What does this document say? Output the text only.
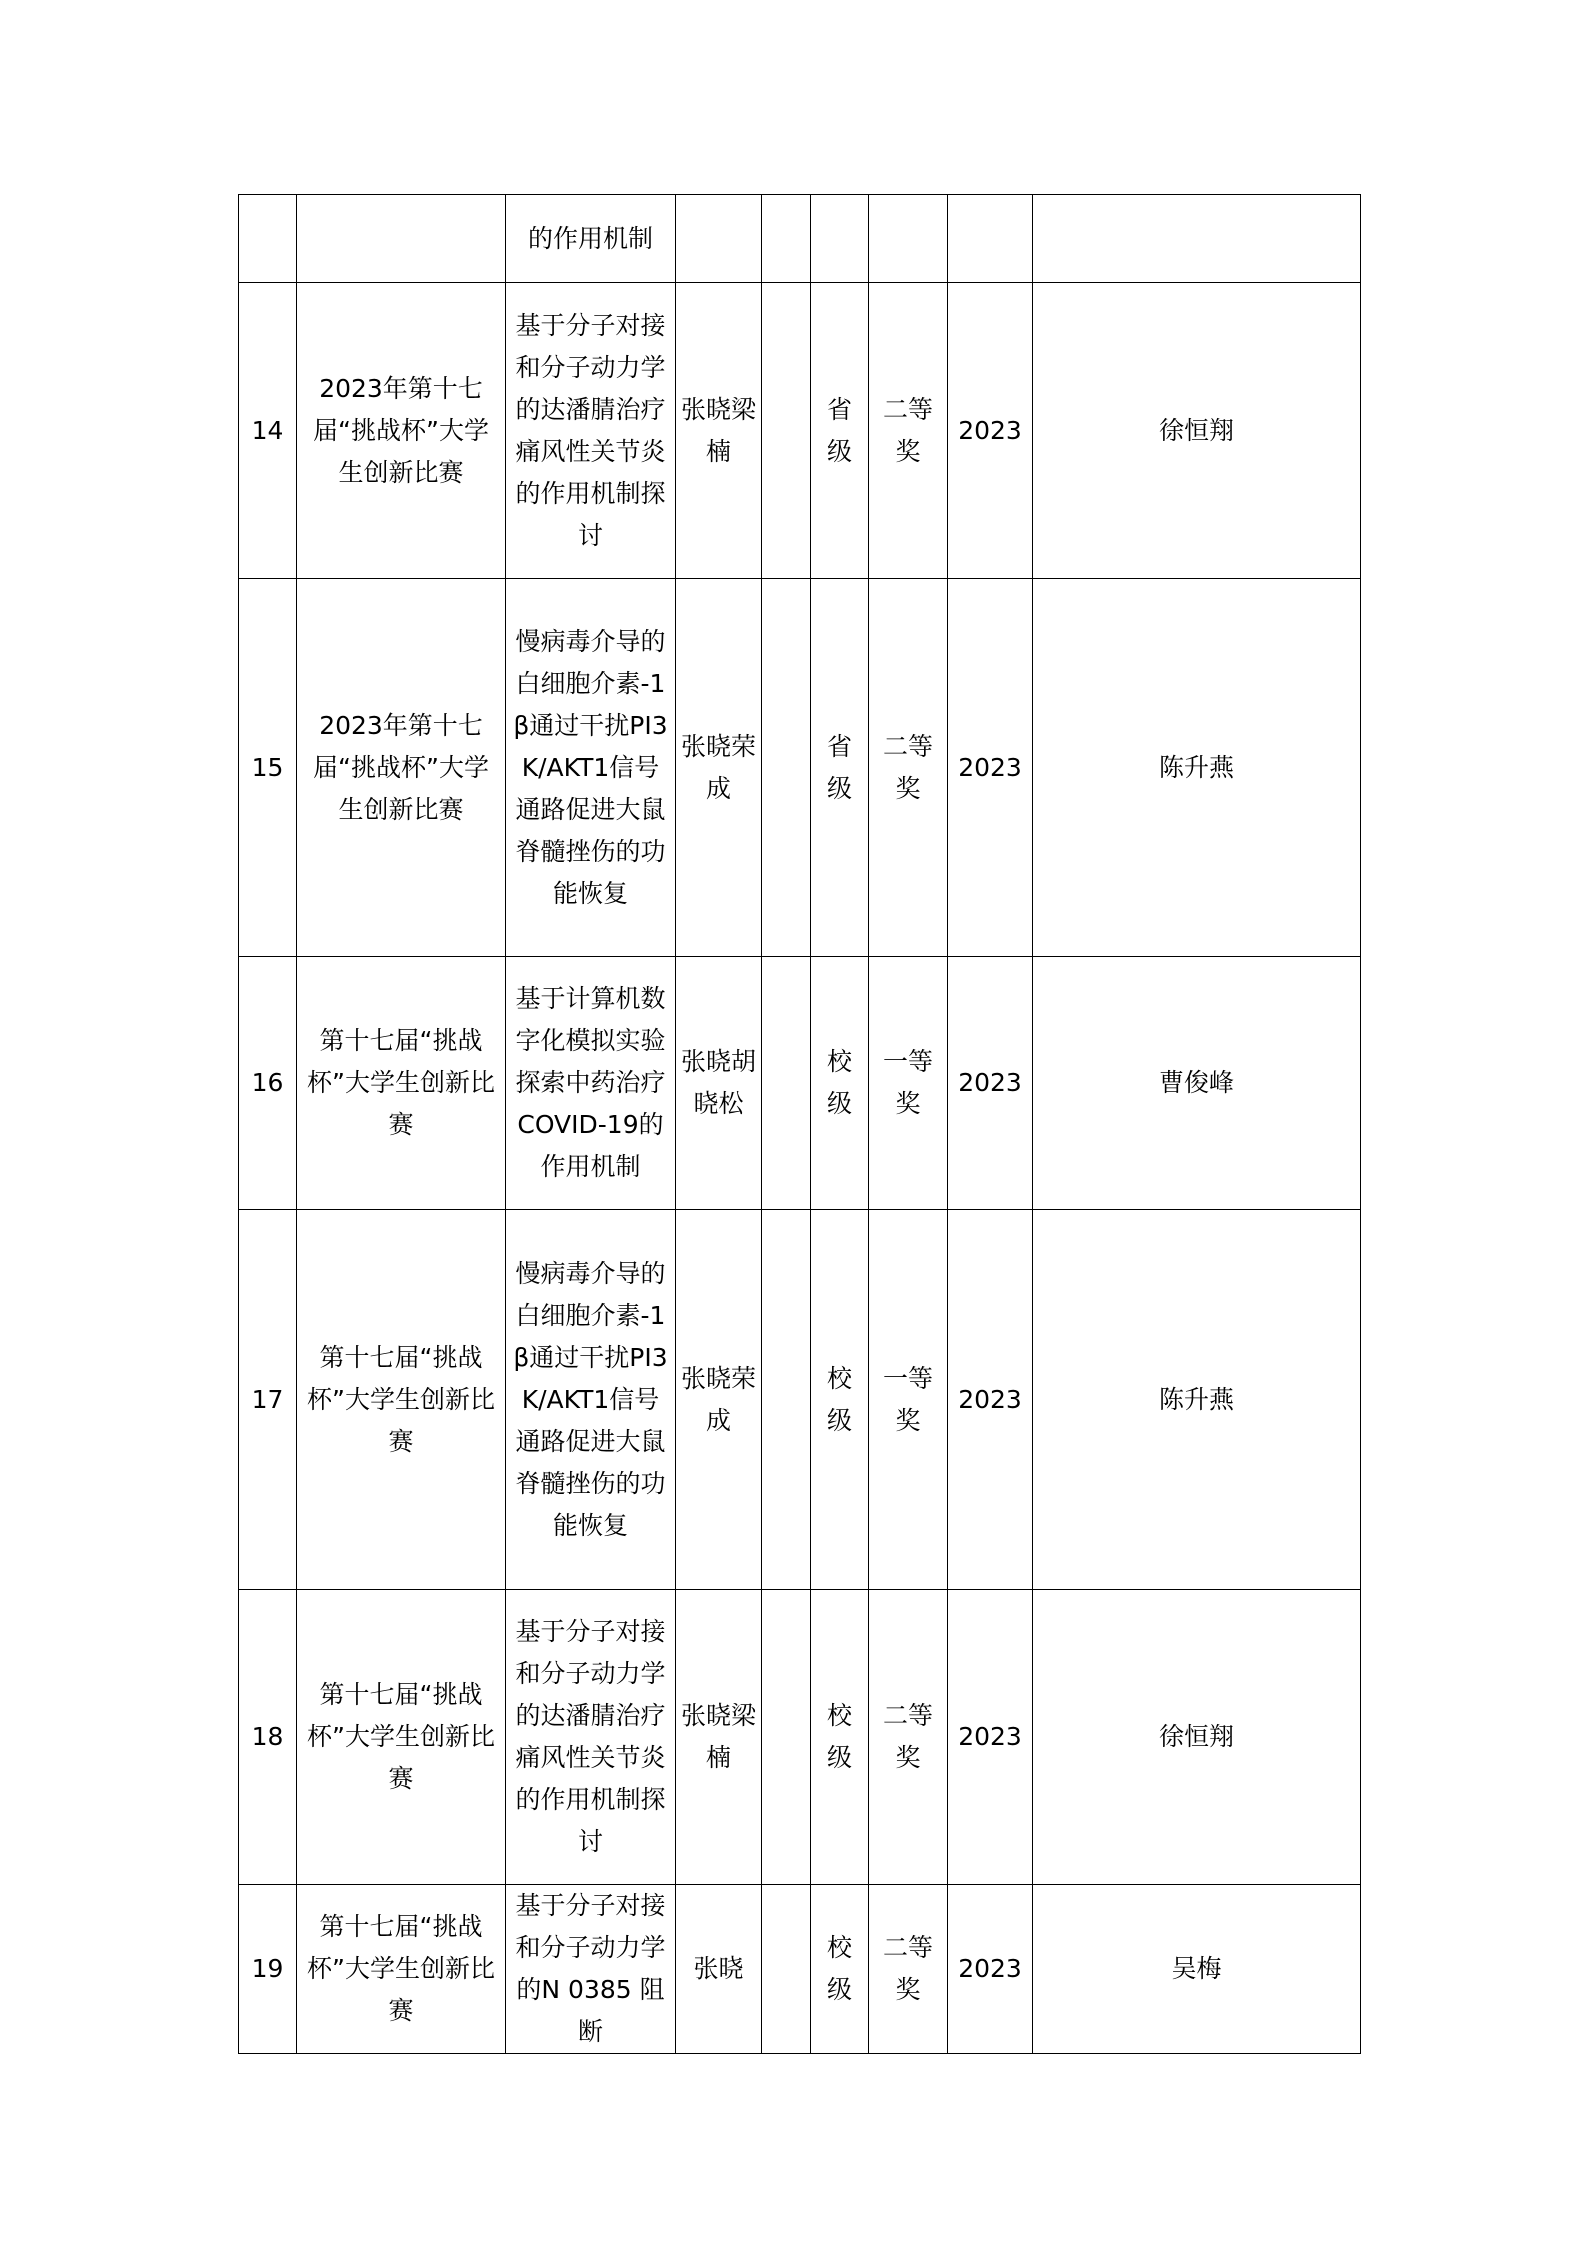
		的作用机制						
14	2023年第十七届“挑战杯”大学生创新比赛	基于分子对接和分子动力学的达潘腈治疗痛风性关节炎的作用机制探讨	张晓梁楠		省级	二等奖	2023	徐恒翔
15	2023年第十七届“挑战杯”大学生创新比赛	慢病毒介导的白细胞介素-1β通过干扰PI3K/AKT1信号通路促进大鼠脊髓挫伤的功能恢复	张晓荣成		省级	二等奖	2023	陈升燕
16	第十七届“挑战杯”大学生创新比赛	基于计算机数字化模拟实验探索中药治疗COVID-19的作用机制	张晓胡晓松		校级	一等奖	2023	曹俊峰
17	第十七届“挑战杯”大学生创新比赛	慢病毒介导的白细胞介素-1β通过干扰PI3K/AKT1信号通路促进大鼠脊髓挫伤的功能恢复	张晓荣成		校级	一等奖	2023	陈升燕
18	第十七届“挑战杯”大学生创新比赛	基于分子对接和分子动力学的达潘腈治疗痛风性关节炎的作用机制探讨	张晓梁楠		校级	二等奖	2023	徐恒翔
19	第十七届“挑战杯”大学生创新比赛	基于分子对接和分子动力学的N 0385 阻断	张晓		校级	二等奖	2023	吴梅
